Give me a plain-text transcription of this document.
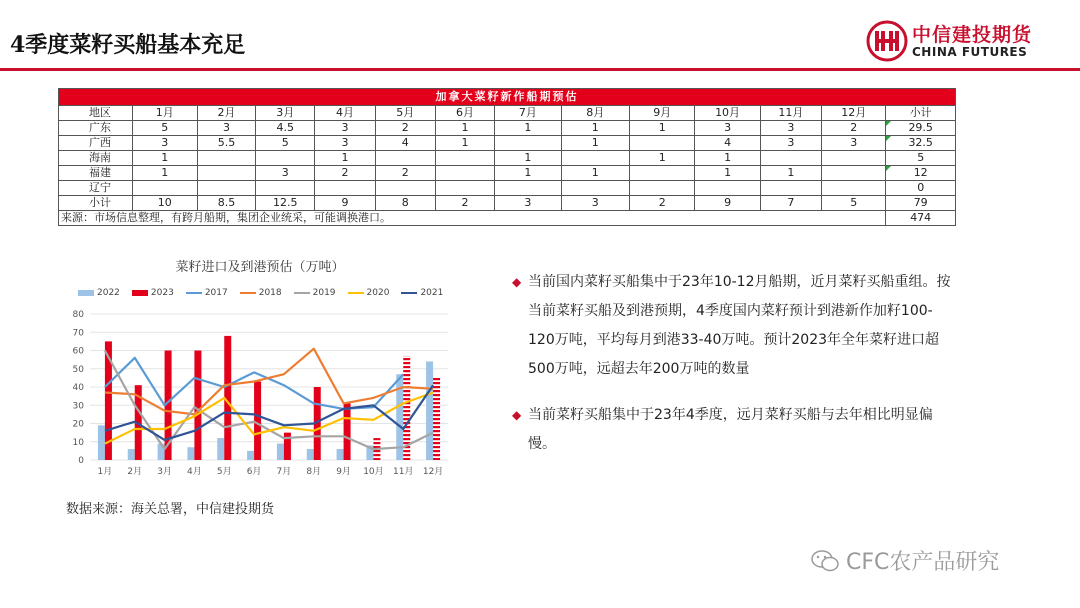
4季度菜籽买船基本充足	中信建投期货
CHINA FUTURES
加拿大菜籽新作船期预估													
地区	1月	2月	3月	4月	5月	6月	7月	8月	9月	10月	11月	12月	小计
广东	5	3	4.5	3	2	1	1	1	1	3	3	2	29.5

广西	3	5.5	5	3	4	1		1		4	3	3	32.5

海南	1			1			1		1	1			5
福建	1		3	2	2		1	1		1	1		12

辽宁													0
小计	10	8.5	12.5	9	8	2	3	3	2	9	7	5	79
来源：市场信息整理，有跨月船期，集团企业统采，可能调换港口。													474
菜籽进口及到港预估（万吨）
2022	2023	2017	2018	2019	2020	2021
0
10
20
30
40
50
60
70
80
1月 2月 3月 4月 5月 6月 7月 8月 9月 10月 11月 12月
数据来源：海关总署，中信建投期货
◆ 当前国内菜籽买船集中于23年10-12月船期，近月菜籽买船重组。按当前菜籽买船及到港预期，4季度国内菜籽预计到港新作加籽100-120万吨，平均每月到港33-40万吨。预计2023年全年菜籽进口超500万吨，远超去年200万吨的数量
◆ 当前菜籽买船集中于23年4季度，远月菜籽买船与去年相比明显偏慢。
CFC农产品研究
